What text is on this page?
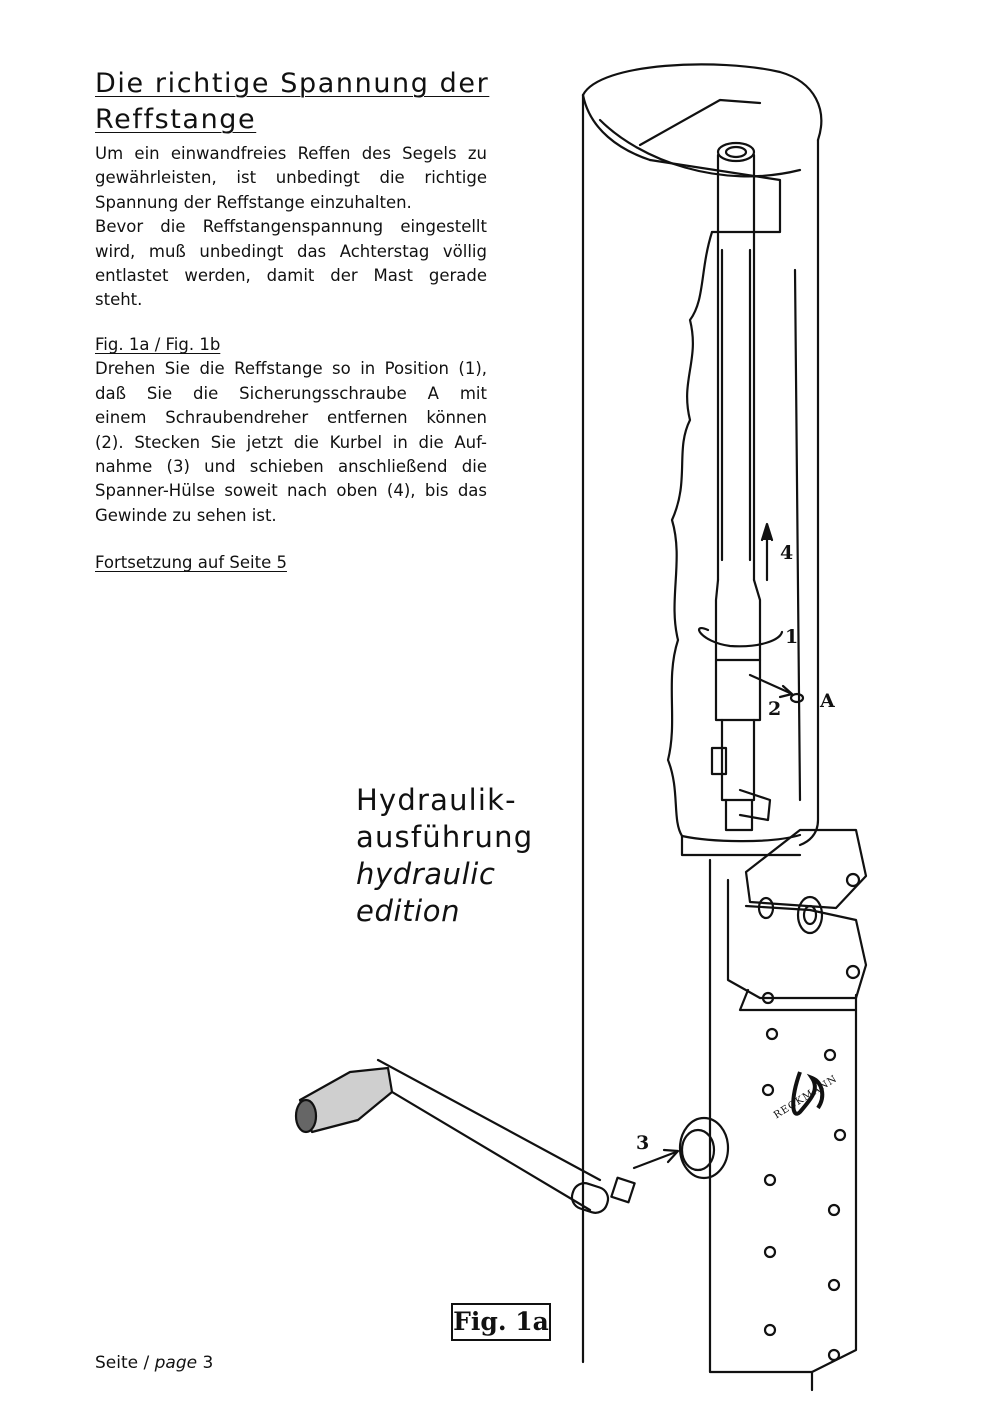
Die richtige Spannung der Reffstange
Um ein einwandfreies Reffen des Segels zu
gewährleisten, ist unbedingt die richtige
Spannung der Reffstange einzuhalten.
Bevor die Reffstangenspannung eingestellt
wird, muß unbedingt das Achterstag völlig
entlastet werden, damit der Mast gerade
steht.
Fig. 1a / Fig. 1b
Drehen Sie die Reffstange so in Position (1),
daß Sie die Sicherungsschraube A mit
einem Schraubendreher entfernen können
(2). Stecken Sie jetzt die Kurbel in die Auf-
nahme (3) und schieben anschließend die
Spanner-Hülse soweit nach oben (4), bis das
Gewinde zu sehen ist.
Fortsetzung auf Seite 5	4
1
2 A
3
RECKMANN
Hydraulik-
ausführung
hydraulic
edition
Fig. 1a
Seite / page 3
